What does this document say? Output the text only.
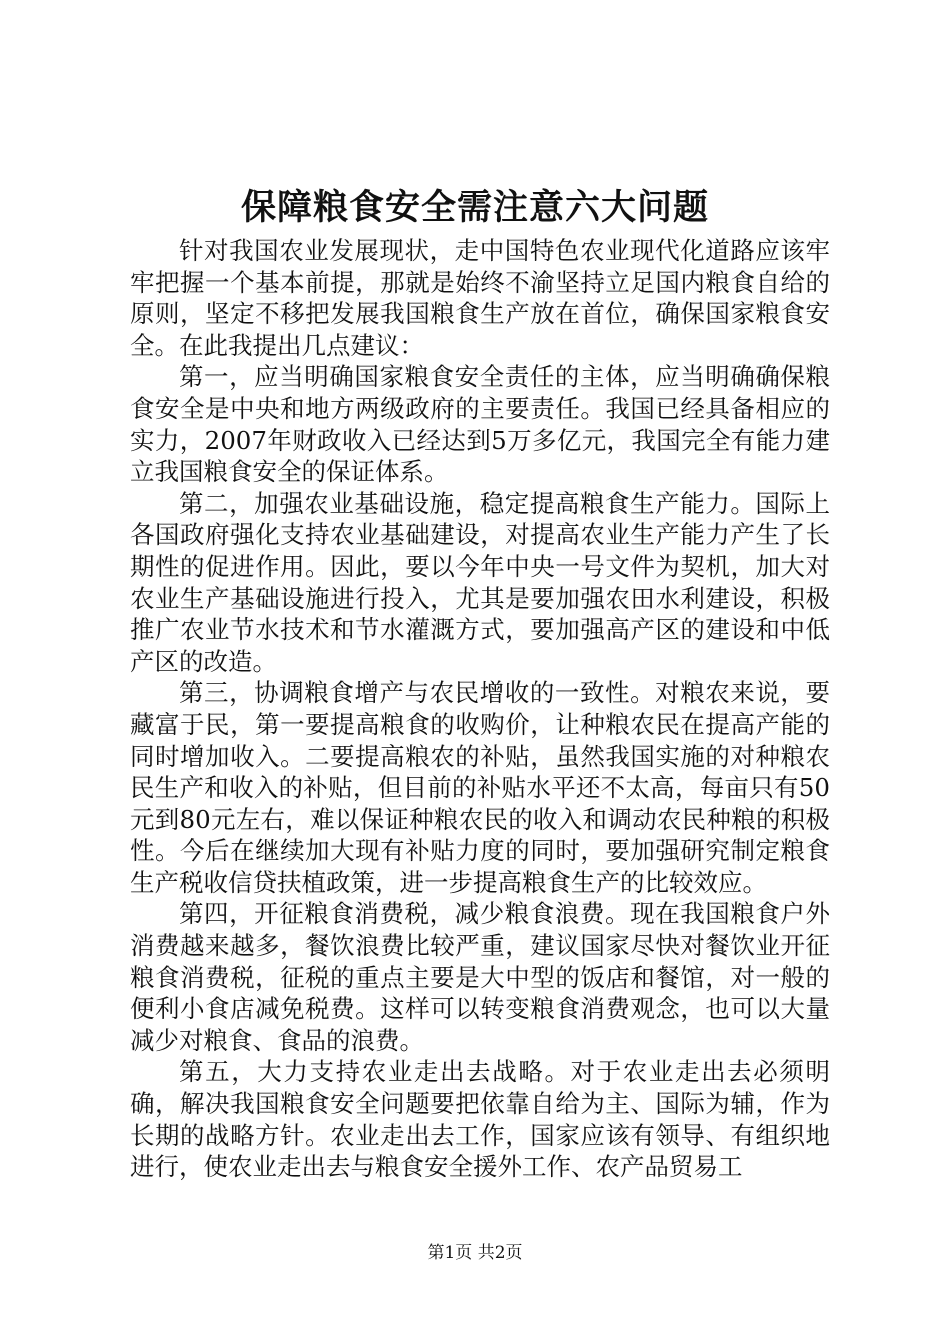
保障粮食安全需注意六大问题

针对我国农业发展现状，走中国特色农业现代化道路应该牢牢把握一个基本前提，那就是始终不渝坚持立足国内粮食自给的原则，坚定不移把发展我国粮食生产放在首位，确保国家粮食安全。在此我提出几点建议：

第一，应当明确国家粮食安全责任的主体，应当明确确保粮食安全是中央和地方两级政府的主要责任。我国已经具备相应的实力，2007年财政收入已经达到5万多亿元，我国完全有能力建立我国粮食安全的保证体系。

第二，加强农业基础设施，稳定提高粮食生产能力。国际上各国政府强化支持农业基础建设，对提高农业生产能力产生了长期性的促进作用。因此，要以今年中央一号文件为契机，加大对农业生产基础设施进行投入，尤其是要加强农田水利建设，积极推广农业节水技术和节水灌溉方式，要加强高产区的建设和中低产区的改造。

第三，协调粮食增产与农民增收的一致性。对粮农来说，要藏富于民，第一要提高粮食的收购价，让种粮农民在提高产能的同时增加收入。二要提高粮农的补贴，虽然我国实施的对种粮农民生产和收入的补贴，但目前的补贴水平还不太高，每亩只有50元到80元左右，难以保证种粮农民的收入和调动农民种粮的积极性。今后在继续加大现有补贴力度的同时，要加强研究制定粮食生产税收信贷扶植政策，进一步提高粮食生产的比较效应。

第四，开征粮食消费税，减少粮食浪费。现在我国粮食户外消费越来越多，餐饮浪费比较严重，建议国家尽快对餐饮业开征粮食消费税，征税的重点主要是大中型的饭店和餐馆，对一般的便利小食店减免税费。这样可以转变粮食消费观念，也可以大量减少对粮食、食品的浪费。

第五，大力支持农业走出去战略。对于农业走出去必须明确，解决我国粮食安全问题要把依靠自给为主、国际为辅，作为长期的战略方针。农业走出去工作，国家应该有领导、有组织地进行，使农业走出去与粮食安全援外工作、农产品贸易工

第1页 共2页
